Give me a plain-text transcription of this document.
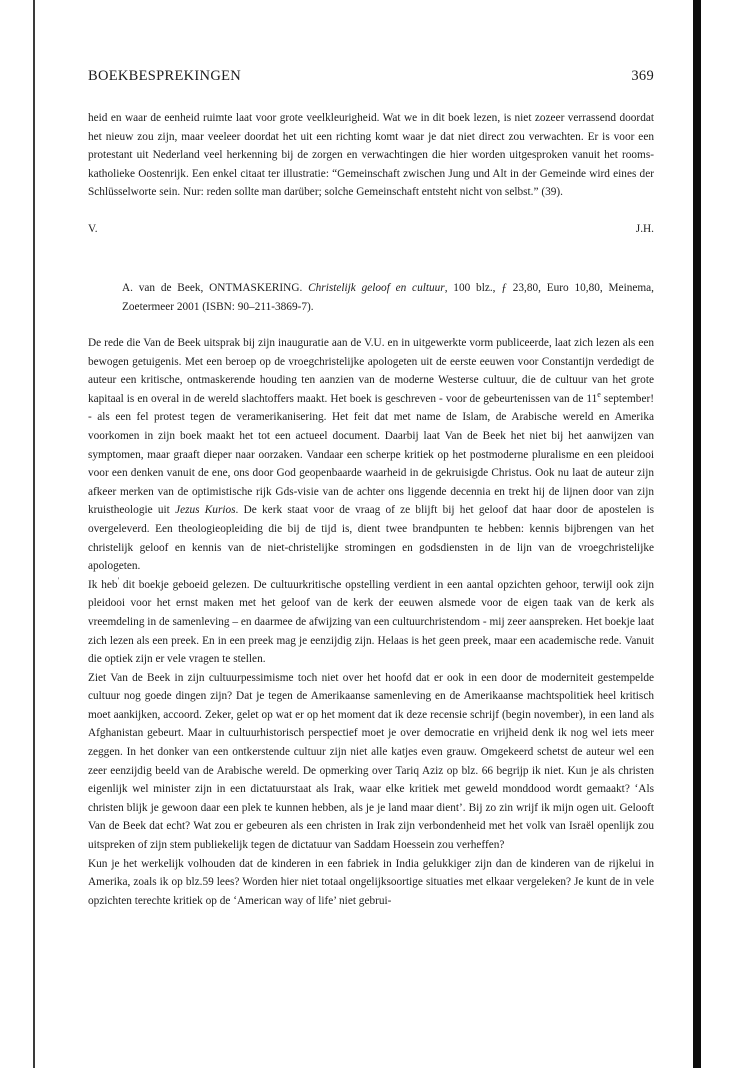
BOEKBESPREKINGEN	369

heid en waar de eenheid ruimte laat voor grote veelkleurigheid. Wat we in dit boek lezen, is niet zozeer verrassend doordat het nieuw zou zijn, maar veeleer doordat het uit een richting komt waar je dat niet direct zou verwachten. Er is voor een protestant uit Nederland veel herkenning bij de zorgen en verwachtingen die hier worden uitgesproken vanuit het rooms-katholieke Oostenrijk. Een enkel citaat ter illustratie: “Gemeinschaft zwischen Jung und Alt in der Gemeinde wird eines der Schlüsselworte sein. Nur: reden sollte man darüber; solche Gemeinschaft entsteht nicht von selbst.” (39).

V.	J.H.
A. van de Beek, ONTMASKERING. Christelijk geloof en cultuur, 100 blz., ƒ 23,80, Euro 10,80, Meinema, Zoetermeer 2001 (ISBN: 90–211-3869-7).

De rede die Van de Beek uitsprak bij zijn inauguratie aan de V.U. en in uitgewerkte vorm publiceerde, laat zich lezen als een bewogen getuigenis. Met een beroep op de vroegchristelijke apologeten uit de eerste eeuwen voor Constantijn verdedigt de auteur een kritische, ontmaskerende houding ten aanzien van de moderne Westerse cultuur, die de cultuur van het grote kapitaal is en overal in de wereld slachtoffers maakt. Het boek is geschreven - voor de gebeurtenissen van de 11e september! - als een fel protest tegen de veramerikanisering. Het feit dat met name de Islam, de Arabische wereld en Amerika voorkomen in zijn boek maakt het tot een actueel document. Daarbij laat Van de Beek het niet bij het aanwijzen van symptomen, maar graaft dieper naar oorzaken. Vandaar een scherpe kritiek op het postmoderne pluralisme en een pleidooi voor een denken vanuit de ene, ons door God geopenbaarde waarheid in de gekruisigde Christus. Ook nu laat de auteur zijn afkeer merken van de optimistische rijk Gds-visie van de achter ons liggende decennia en trekt hij de lijnen door van zijn kruistheologie uit Jezus Kurios. De kerk staat voor de vraag of ze blijft bij het geloof dat haar door de apostelen is overgeleverd. Een theologieopleiding die bij de tijd is, dient twee brandpunten te hebben: kennis bijbrengen van het christelijk geloof en kennis van de niet-christelijke stromingen en godsdiensten in de lijn van de vroegchristelijke apologeten.

Ik heb' dit boekje geboeid gelezen. De cultuurkritische opstelling verdient in een aantal opzichten gehoor, terwijl ook zijn pleidooi voor het ernst maken met het geloof van de kerk der eeuwen alsmede voor de eigen taak van de kerk als vreemdeling in de samenleving – en daarmee de afwijzing van een cultuurchristendom - mij zeer aanspreken. Het boekje laat zich lezen als een preek. En in een preek mag je eenzijdig zijn. Helaas is het geen preek, maar een academische rede. Vanuit die optiek zijn er vele vragen te stellen.

Ziet Van de Beek in zijn cultuurpessimisme toch niet over het hoofd dat er ook in een door de moderniteit gestempelde cultuur nog goede dingen zijn? Dat je tegen de Amerikaanse samenleving en de Amerikaanse machtspolitiek heel kritisch moet aankijken, accoord. Zeker, gelet op wat er op het moment dat ik deze recensie schrijf (begin november), in een land als Afghanistan gebeurt. Maar in cultuurhistorisch perspectief moet je over democratie en vrijheid denk ik nog wel iets meer zeggen. In het donker van een ontkerstende cultuur zijn niet alle katjes even grauw. Omgekeerd schetst de auteur wel een zeer eenzijdig beeld van de Arabische wereld. De opmerking over Tariq Aziz op blz. 66 begrijp ik niet. Kun je als christen eigenlijk wel minister zijn in een dictatuurstaat als Irak, waar elke kritiek met geweld monddood wordt gemaakt? ‘Als christen blijk je gewoon daar een plek te kunnen hebben, als je je land maar dient’. Bij zo zin wrijf ik mijn ogen uit. Gelooft Van de Beek dat echt? Wat zou er gebeuren als een christen in Irak zijn verbondenheid met het volk van Israël openlijk zou uitspreken of zijn stem publiekelijk tegen de dictatuur van Saddam Hoessein zou verheffen?

Kun je het werkelijk volhouden dat de kinderen in een fabriek in India gelukkiger zijn dan de kinderen van de rijkelui in Amerika, zoals ik op blz.59 lees? Worden hier niet totaal ongelijksoortige situaties met elkaar vergeleken? Je kunt de in vele opzichten terechte kritiek op de ‘American way of life’ niet gebrui-
